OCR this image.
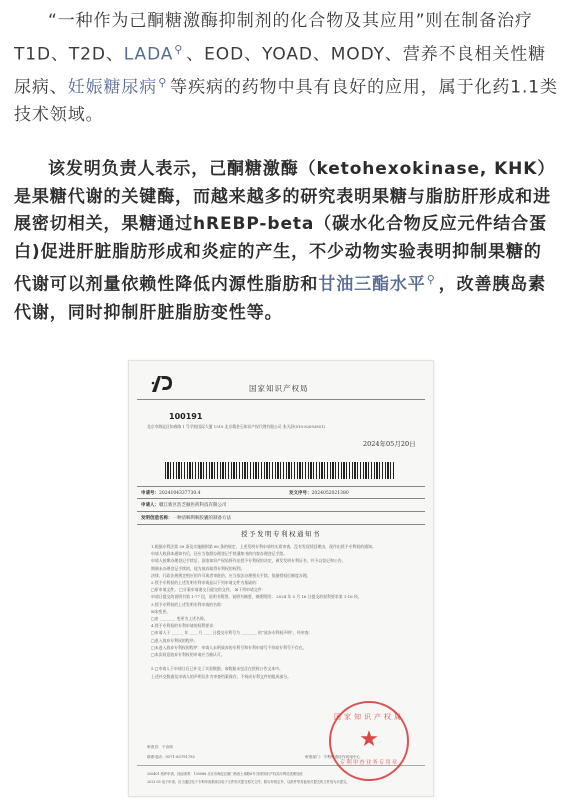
“一种作为己酮糖激酶抑制剂的化合物及其应用”则在制备治疗T1D、T2D、LADA⚲ 、EOD、YOAD、MODY、营养不良相关性糖尿病、妊娠糖尿病⚲ 等疾病的药物中具有良好的应用，属于化药1.1类技术领域。

该发明负责人表示，己酮糖激酶（ketohexokinase, KHK）是果糖代谢的关键酶，而越来越多的研究表明果糖与脂肪肝形成和进展密切相关，果糖通过hREBP-beta（碳水化合物反应元件结合蛋白)促进肝脏脂肪形成和炎症的产生，不少动物实验表明抑制果糖的代谢可以剂量依赖性降低内源性脂肪和甘油三酯水平⚲ ，改善胰岛素代谢，同时抑制肝脏脂肪变性等。

国家知识产权局
100191
北京市海淀区知春路 1 号学院国际大厦 1510 北京精金石知识产权代理有限公司 张天舒(010-82692851)
2024年05月20日
申请号：2024104337730.4	发文序号：2024052021380
申请人：赣江新区浩芝颐医药科技有限公司
发明创造名称：一种清咽利咽胶囊的制备方法
授予发明专利权通知书
1.根据专利法第 39 条及实施细则第 60 条的规定，上述发明专利申请经实质审查，没有发现驳回理由，现作出授予专利权的通知。
申请人收到本通知书后，还应当依照办理登记手续通知书的内容办理登记手续。
申请人按期办理登记手续后，国家知识产权局将作出授予专利权的决定，颁发发明专利证书，并予以登记和公告。
期满未办理登记手续的，视为放弃取得专利权的权利。
法律、行政法规规定相应的许可或者审批的，应当依法办理相关手续，依据授权后制度办理。
2.授予专利权的上述发明专利申请是以下列申请文件为基础的：
□原申请文件。 □分案申请递交日提交的文件。 ☒下列申请文件：
申请日提交的说明书第 1-77 段，说明书附图、说明书摘要，摘要附图； 2024 年 5 月 16 日提交的权利要求第 1-16 项。
3.授予专利权的上述发明专利申请的名称：
☒未变更。
□由 ________ 变更为上述名称。
4.授予专利权的专利申请的权利要求：
□申请人于 ______ 年 ____ 月 ____ 日提交专利号为 ________ 的“放弃专利权声明”，经审查：
□进入放弃专利权的程序。
□未进入放弃专利权的程序：申请人未明放弃的专利号和专利申请号不符或专利号不存在。
□本次同意放弃专利权的申请应当被认可。

5.□申请人于申请日后已补交了实验数据，该数据未包含在授权公告文本中。
上述补交数据及申请人的声明仅作为审查档案保存，不构成专利文件的组成部分。
审查员：于诗琪
联系电话：0371-83791792	审查部门：专利审查协作河南中心
200401 纸件申请，回函请寄：100088 北京市海淀区蓟门桥西土城路6号 国家知识产权局专利局受理处收
2023.03 电子申请，应当通过电子专利申请系统以电子文件形式提交相关文件。除另有规定外，以纸件等其他形式提交的文件视为未提交。
国家知识产权局
★
专利审查业务专用章
